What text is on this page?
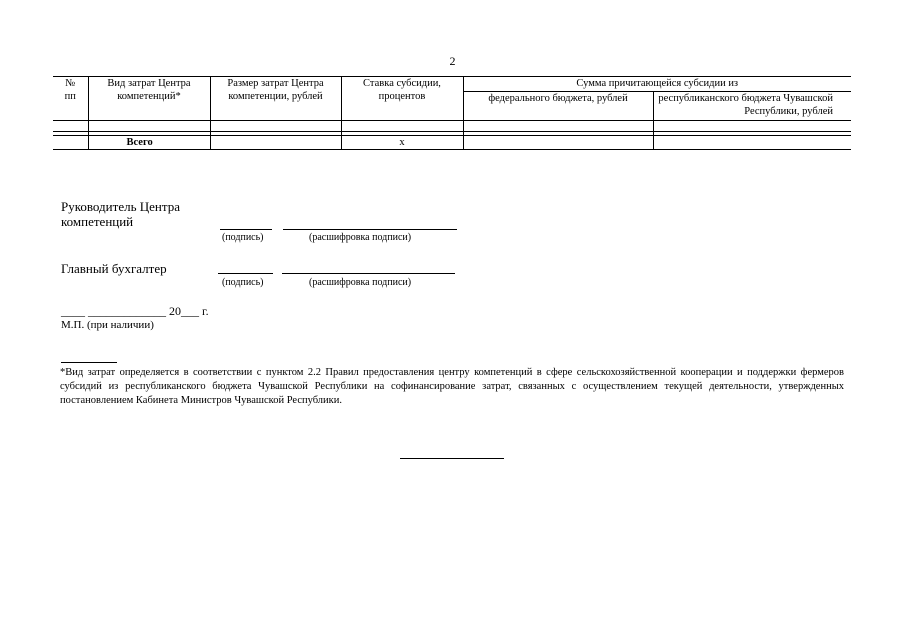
2
№
пп	Вид затрат Центра компетенций*	Размер затрат Центра компетенции, рублей	Ставка субсидии, процентов	Сумма причитающейся субсидии из	
				федерального бюджета, рублей	республиканского бюджета Чувашской Республики, рублей

	Всего		х		
Руководитель Центра компетенций
(подпись)	(расшифровка подписи)
Главный бухгалтер
(подпись)	(расшифровка подписи)
____ _____________ 20___ г.
М.П. (при наличии)
*Вид затрат определяется в соответствии с пунктом 2.2 Правил предоставления центру компетенций в сфере сельскохозяйственной кооперации и поддержки фермеров субсидий из республиканского бюджета Чувашской Республики на софинансирование затрат, связанных с осуществлением текущей деятельности, утвержденных постановлением Кабинета Министров Чувашской Республики.
